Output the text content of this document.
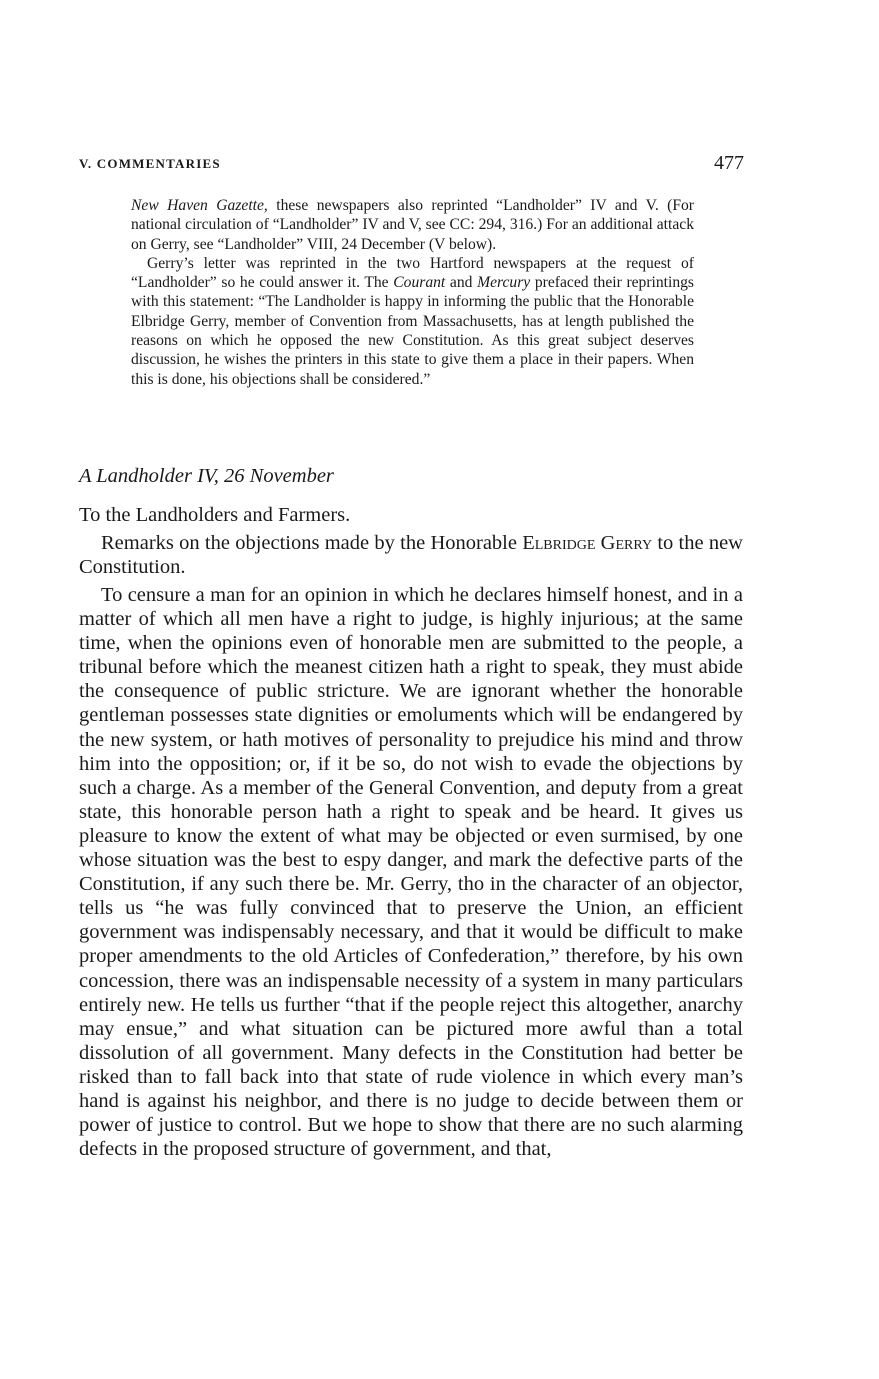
V. COMMENTARIES	477

New Haven Gazette, these newspapers also reprinted “Landholder” IV and V. (For national circulation of “Landholder” IV and V, see CC: 294, 316.) For an additional attack on Gerry, see “Landholder” VIII, 24 December (V below).

Gerry’s letter was reprinted in the two Hartford newspapers at the request of “Landholder” so he could answer it. The Courant and Mercury prefaced their reprintings with this statement: “The Landholder is happy in informing the public that the Honorable Elbridge Gerry, member of Convention from Massachusetts, has at length published the reasons on which he opposed the new Constitution. As this great subject deserves discussion, he wishes the printers in this state to give them a place in their papers. When this is done, his objections shall be considered.”

A Landholder IV, 26 November
To the Landholders and Farmers.

Remarks on the objections made by the Honorable Elbridge Gerry to the new Constitution.

To censure a man for an opinion in which he declares himself honest, and in a matter of which all men have a right to judge, is highly injurious; at the same time, when the opinions even of honorable men are submitted to the people, a tribunal before which the meanest citizen hath a right to speak, they must abide the consequence of public stricture. We are ignorant whether the honorable gentleman possesses state dignities or emoluments which will be endangered by the new system, or hath motives of personality to prejudice his mind and throw him into the opposition; or, if it be so, do not wish to evade the objections by such a charge. As a member of the General Convention, and deputy from a great state, this honorable person hath a right to speak and be heard. It gives us pleasure to know the extent of what may be objected or even surmised, by one whose situation was the best to espy danger, and mark the defective parts of the Constitution, if any such there be. Mr. Gerry, tho in the character of an objector, tells us “he was fully convinced that to preserve the Union, an efficient government was indispensably necessary, and that it would be difficult to make proper amendments to the old Articles of Confederation,” therefore, by his own concession, there was an indispensable necessity of a system in many particulars entirely new. He tells us further “that if the people reject this altogether, anarchy may ensue,” and what situation can be pictured more awful than a total dissolution of all government. Many defects in the Constitution had better be risked than to fall back into that state of rude violence in which every man’s hand is against his neighbor, and there is no judge to decide between them or power of justice to control. But we hope to show that there are no such alarming defects in the proposed structure of government, and that,
